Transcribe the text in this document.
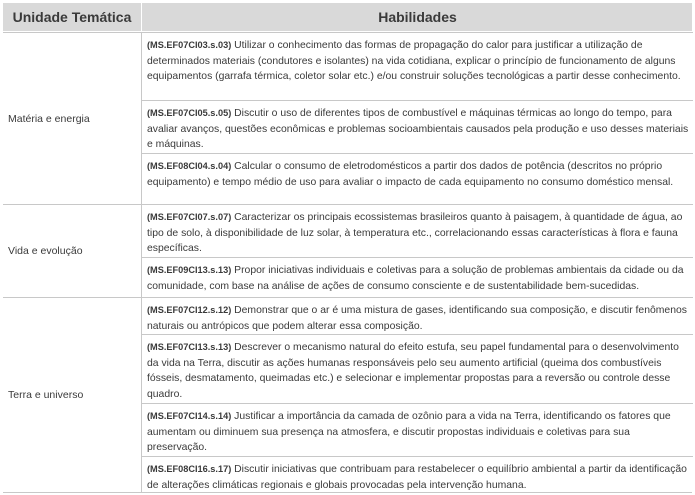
Unidade Temática	Habilidades
Matéria e energia
(MS.EF07CI03.s.03) Utilizar o conhecimento das formas de propagação do calor para justificar a utilização de determinados materiais (condutores e isolantes) na vida cotidiana, explicar o princípio de funcionamento de alguns equipamentos (garrafa térmica, coletor solar etc.) e/ou construir soluções tecnológicas a partir desse conhecimento.
(MS.EF07CI05.s.05) Discutir o uso de diferentes tipos de combustível e máquinas térmicas ao longo do tempo, para avaliar avanços, questões econômicas e problemas socioambientais causados pela produção e uso desses materiais e máquinas.
(MS.EF08CI04.s.04) Calcular o consumo de eletrodomésticos a partir dos dados de potência (descritos no próprio equipamento) e tempo médio de uso para avaliar o impacto de cada equipamento no consumo doméstico mensal.
(MS.EF07CI07.s.07) Caracterizar os principais ecossistemas brasileiros quanto à paisagem, à quantidade de água, ao tipo de solo, à disponibilidade de luz solar, à temperatura etc., correlacionando essas características à flora e fauna específicas.
(MS.EF09CI13.s.13) Propor iniciativas individuais e coletivas para a solução de problemas ambientais da cidade ou da comunidade, com base na análise de ações de consumo consciente e de sustentabilidade bem-sucedidas.
(MS.EF07CI12.s.12) Demonstrar que o ar é uma mistura de gases, identificando sua composição, e discutir fenômenos naturais ou antrópicos que podem alterar essa composição.
(MS.EF07CI13.s.13) Descrever o mecanismo natural do efeito estufa, seu papel fundamental para o desenvolvimento da vida na Terra, discutir as ações humanas responsáveis pelo seu aumento artificial (queima dos combustíveis fósseis, desmatamento, queimadas etc.) e selecionar e implementar propostas para a reversão ou controle desse quadro.
(MS.EF07CI14.s.14) Justificar a importância da camada de ozônio para a vida na Terra, identificando os fatores que aumentam ou diminuem sua presença na atmosfera, e discutir propostas individuais e coletivas para sua preservação.
(MS.EF08CI16.s.17) Discutir iniciativas que contribuam para restabelecer o equilíbrio ambiental a partir da identificação de alterações climáticas regionais e globais provocadas pela intervenção humana.
Vida e evolução
Terra e universo
